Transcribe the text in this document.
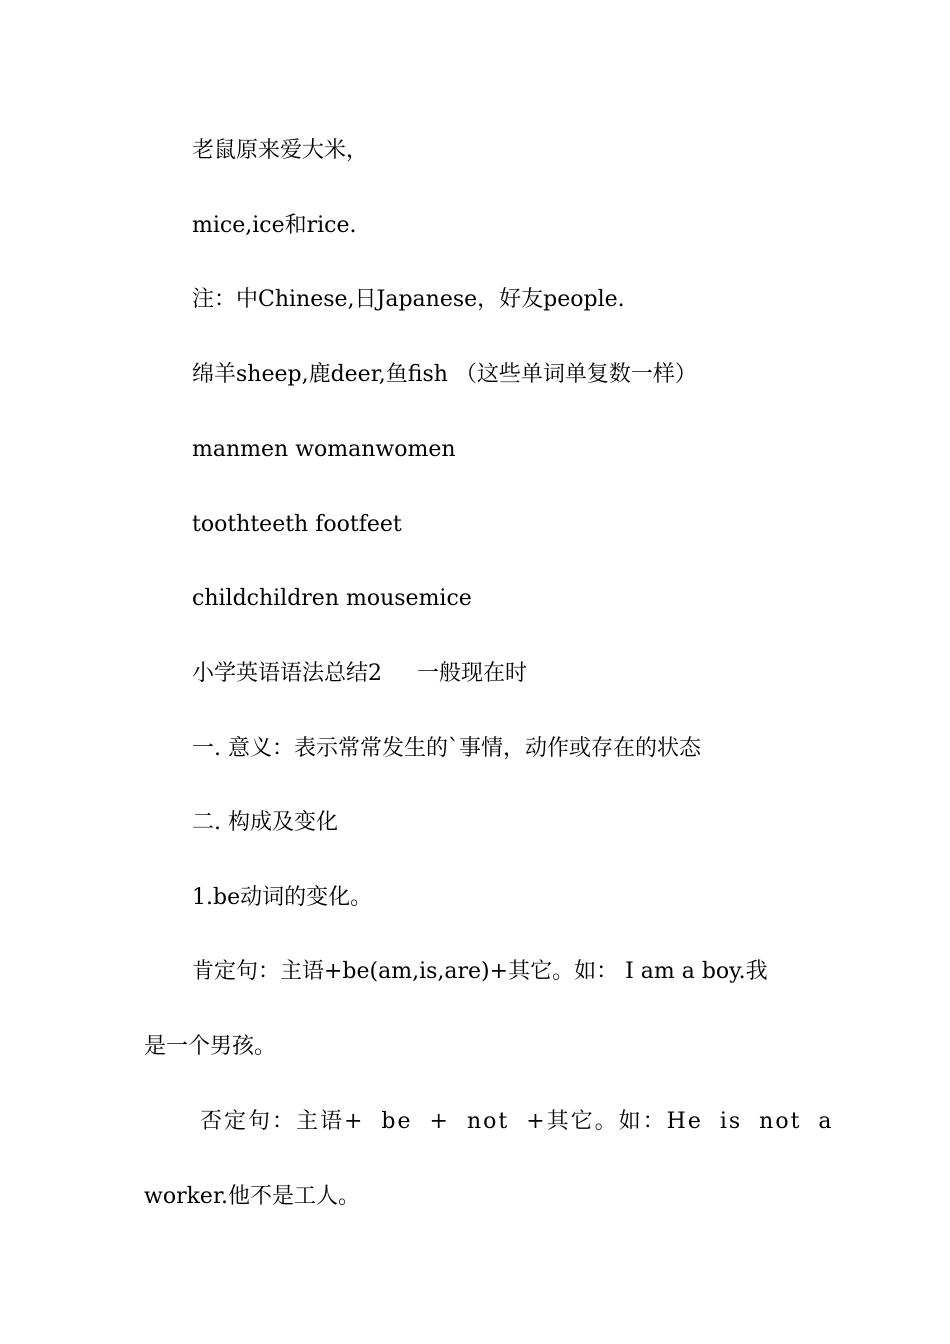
老鼠原来爱大米，
mice,ice和rice.
注：中Chinese,日Japanese，好友people.
绵羊sheep,鹿deer,鱼fish （这些单词单复数一样）
manmen womanwomen
toothteeth footfeet
childchildren mousemice
小学英语语法总结2     一般现在时
一. 意义：表示常常发生的`事情，动作或存在的状态
二. 构成及变化
1.be动词的变化。
肯定句：主语+be(am,is,are)+其它。如： I am a boy.我
是一个男孩。
否定句：主语+ be + not +其它。如：He is not a
worker.他不是工人。
